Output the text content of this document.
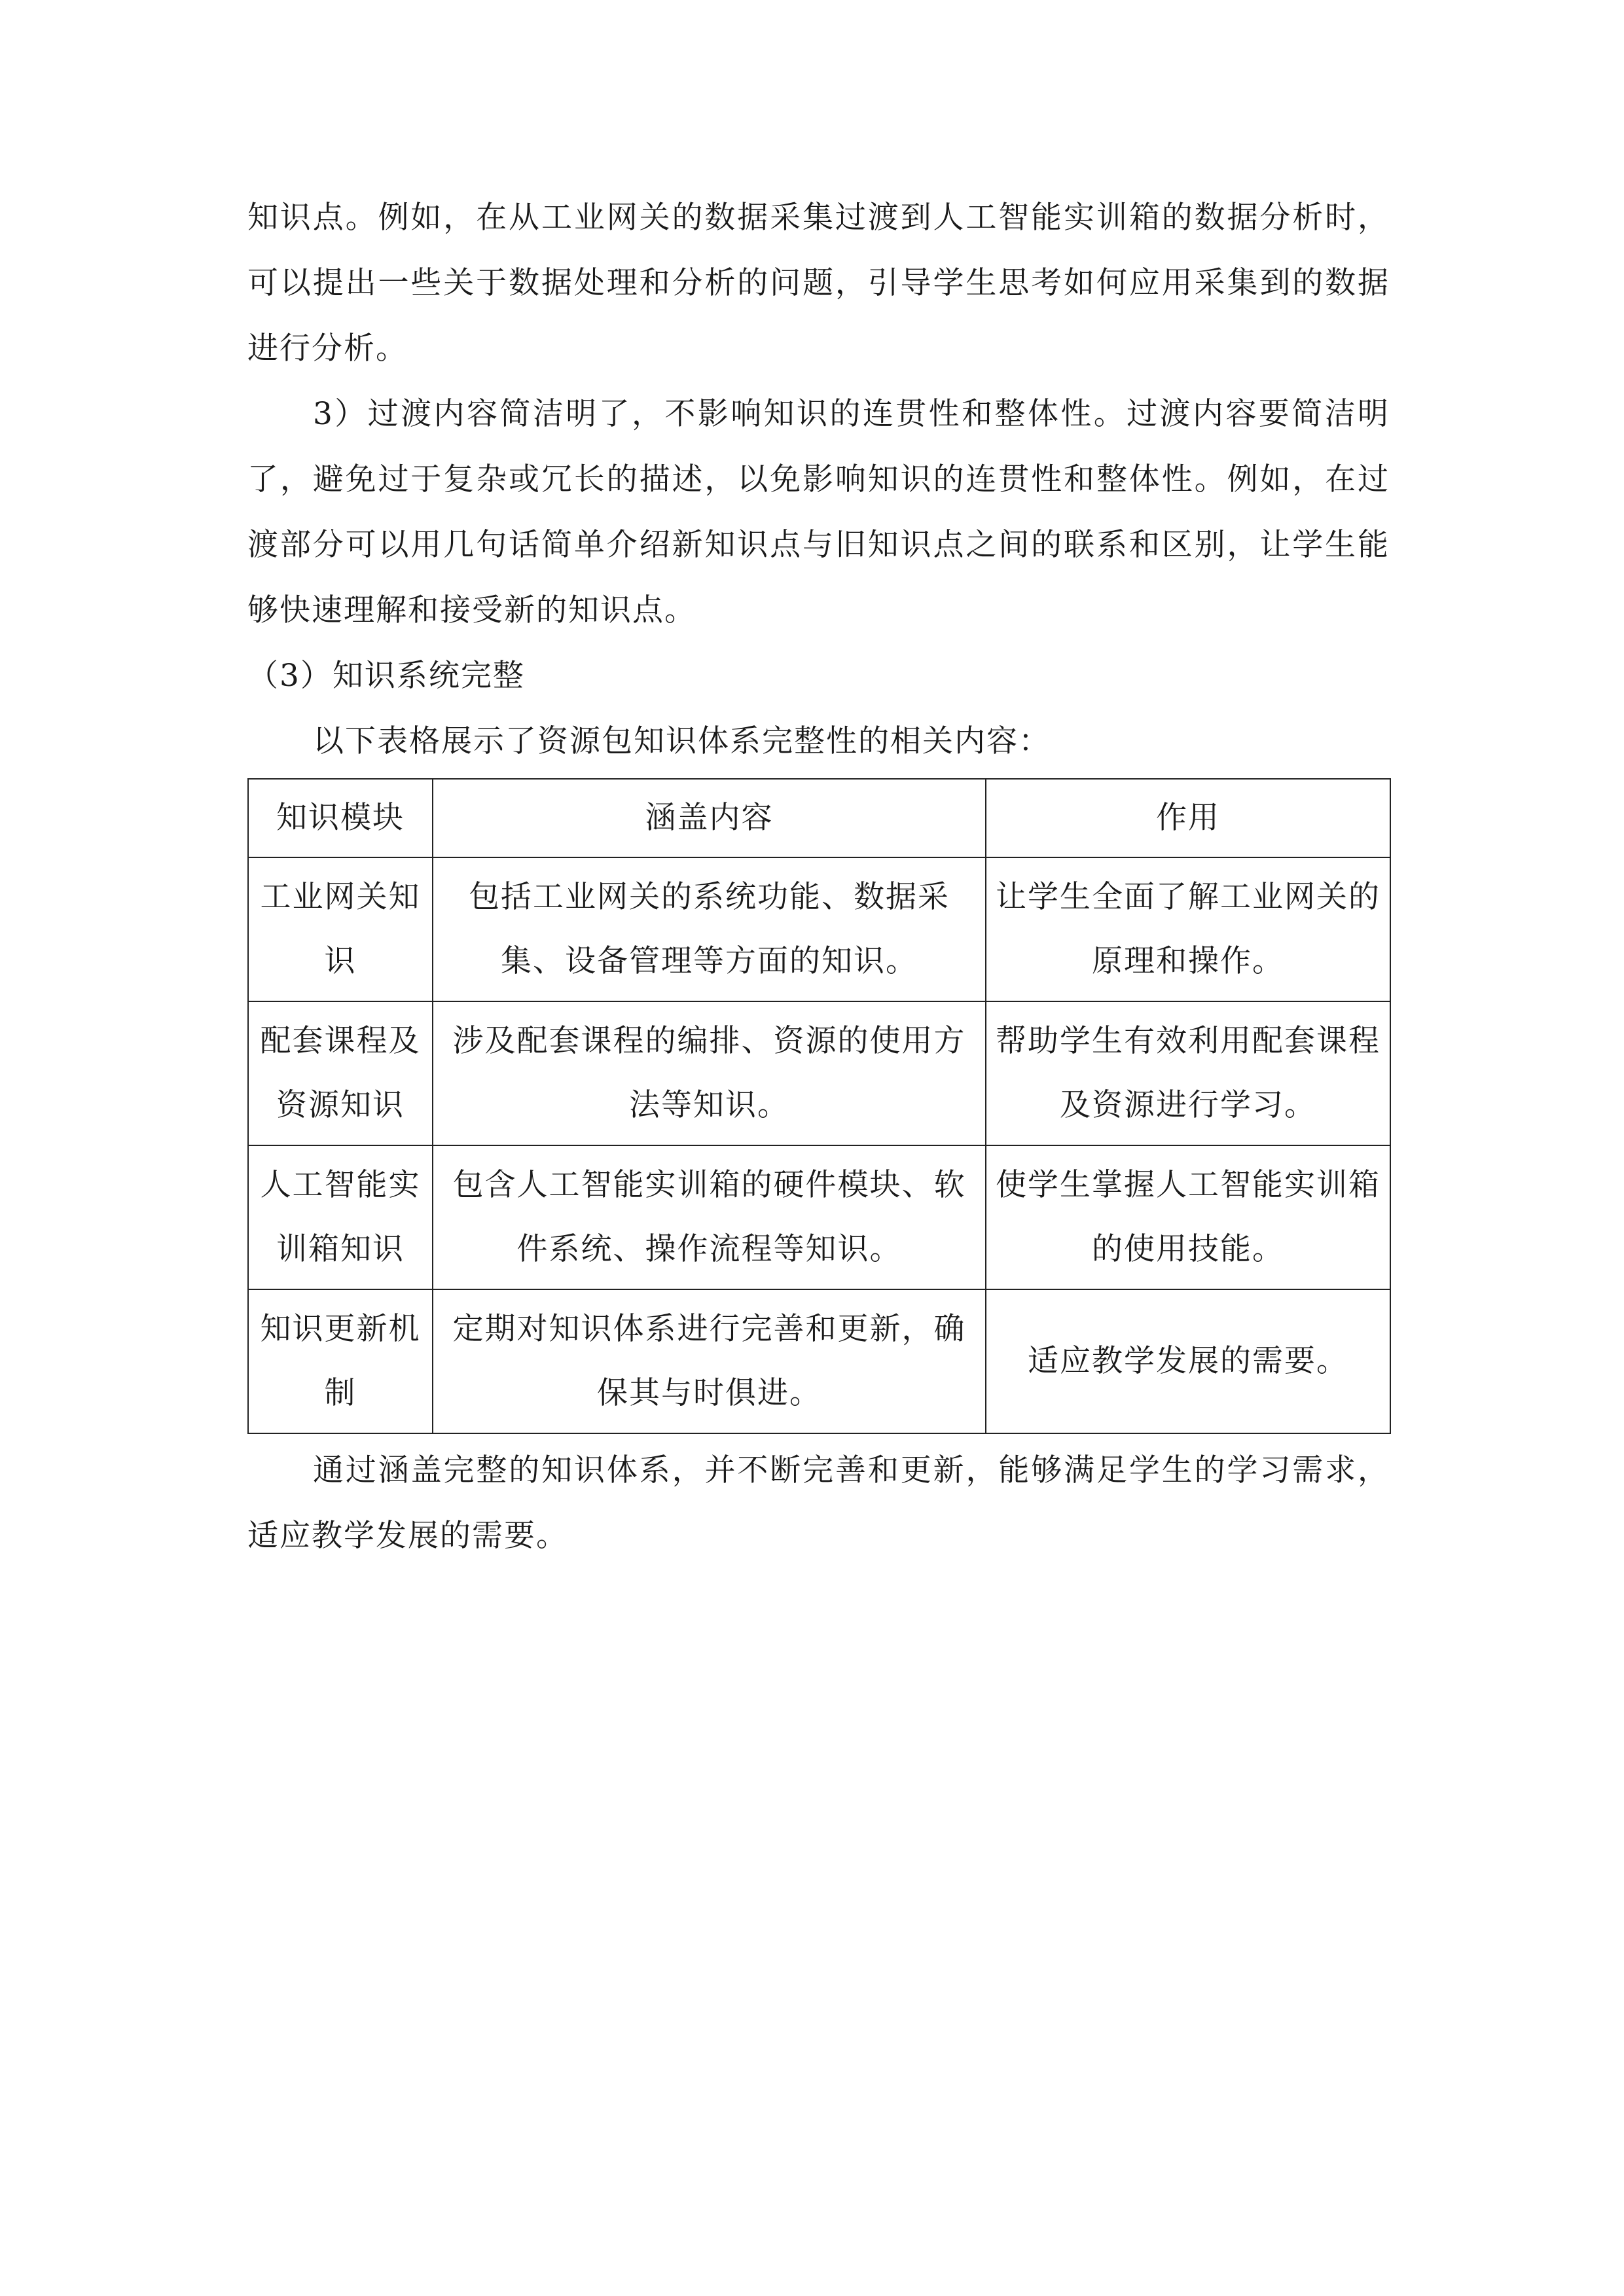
知识点。例如，在从工业网关的数据采集过渡到人工智能实训箱的数据分析时，可以提出一些关于数据处理和分析的问题，引导学生思考如何应用采集到的数据进行分析。

3）过渡内容简洁明了，不影响知识的连贯性和整体性。过渡内容要简洁明了，避免过于复杂或冗长的描述，以免影响知识的连贯性和整体性。例如，在过渡部分可以用几句话简单介绍新知识点与旧知识点之间的联系和区别，让学生能够快速理解和接受新的知识点。

（3）知识系统完整

以下表格展示了资源包知识体系完整性的相关内容：

知识模块	涵盖内容	作用
工业网关知识	包括工业网关的系统功能、数据采集、设备管理等方面的知识。	让学生全面了解工业网关的原理和操作。
配套课程及资源知识	涉及配套课程的编排、资源的使用方法等知识。	帮助学生有效利用配套课程及资源进行学习。
人工智能实训箱知识	包含人工智能实训箱的硬件模块、软件系统、操作流程等知识。	使学生掌握人工智能实训箱的使用技能。
知识更新机制	定期对知识体系进行完善和更新，确保其与时俱进。	适应教学发展的需要。

通过涵盖完整的知识体系，并不断完善和更新，能够满足学生的学习需求，适应教学发展的需要。
